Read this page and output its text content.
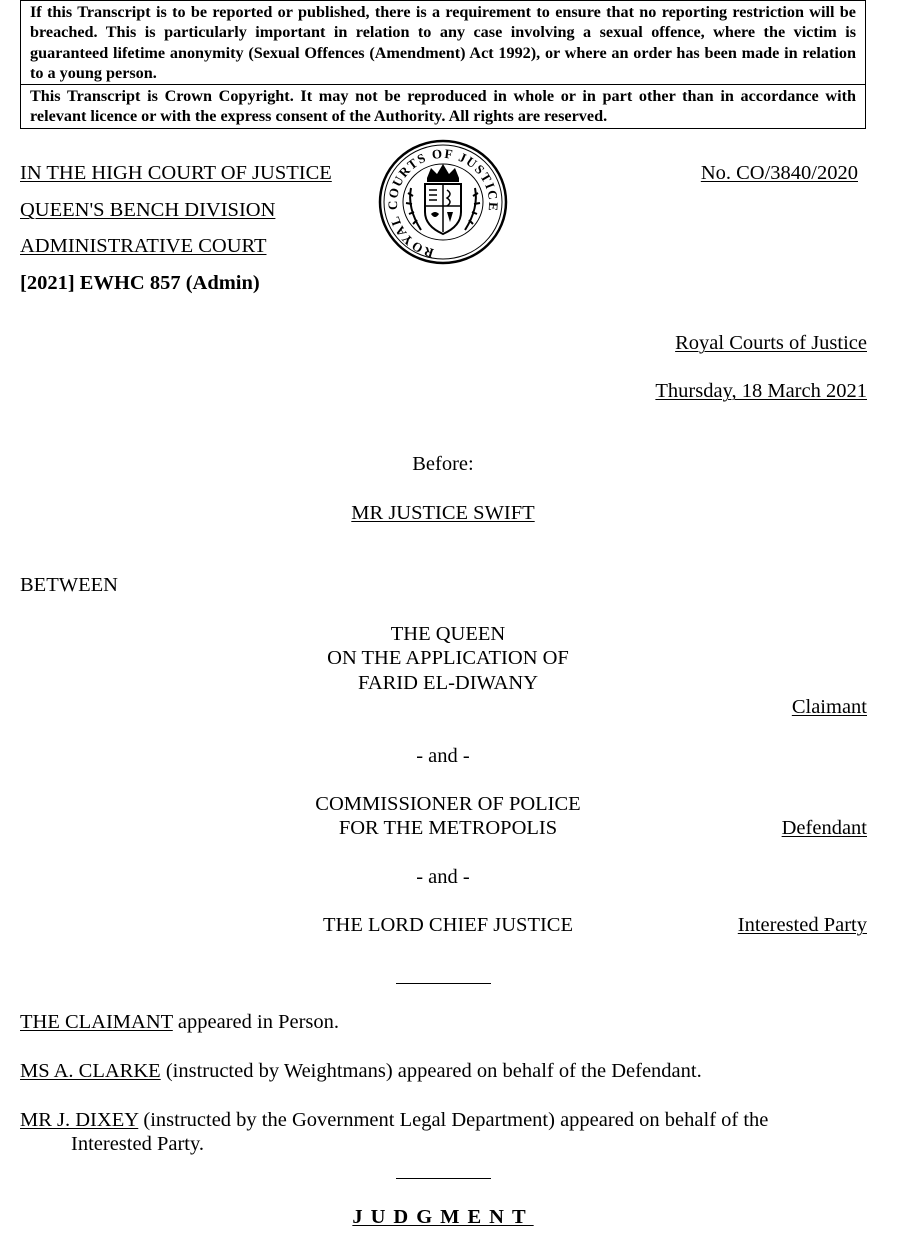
If this Transcript is to be reported or published, there is a requirement to ensure that no reporting restriction will be breached. This is particularly important in relation to any case involving a sexual offence, where the victim is guaranteed lifetime anonymity (Sexual Offences (Amendment) Act 1992), or where an order has been made in relation to a young person.
This Transcript is Crown Copyright. It may not be reproduced in whole or in part other than in accordance with relevant licence or with the express consent of the Authority. All rights are reserved.
IN THE HIGH COURT OF JUSTICE
QUEEN'S BENCH DIVISION
ADMINISTRATIVE COURT
[2021] EWHC 857 (Admin)
No. CO/3840/2020
ROYAL COURTS OF JUSTICE
Royal Courts of Justice
Thursday, 18 March 2021
Before:
MR JUSTICE SWIFT
BETWEEN
THE QUEEN
ON THE APPLICATION OF
FARID EL-DIWANY
Claimant
- and -
COMMISSIONER OF POLICE
FOR THE METROPOLIS	Defendant
- and -
THE LORD CHIEF JUSTICE	Interested Party
THE CLAIMANT appeared in Person.
MS A. CLARKE (instructed by Weightmans) appeared on behalf of the Defendant.
MR J. DIXEY (instructed by the Government Legal Department) appeared on behalf of the
Interested Party.
JUDGMENT
